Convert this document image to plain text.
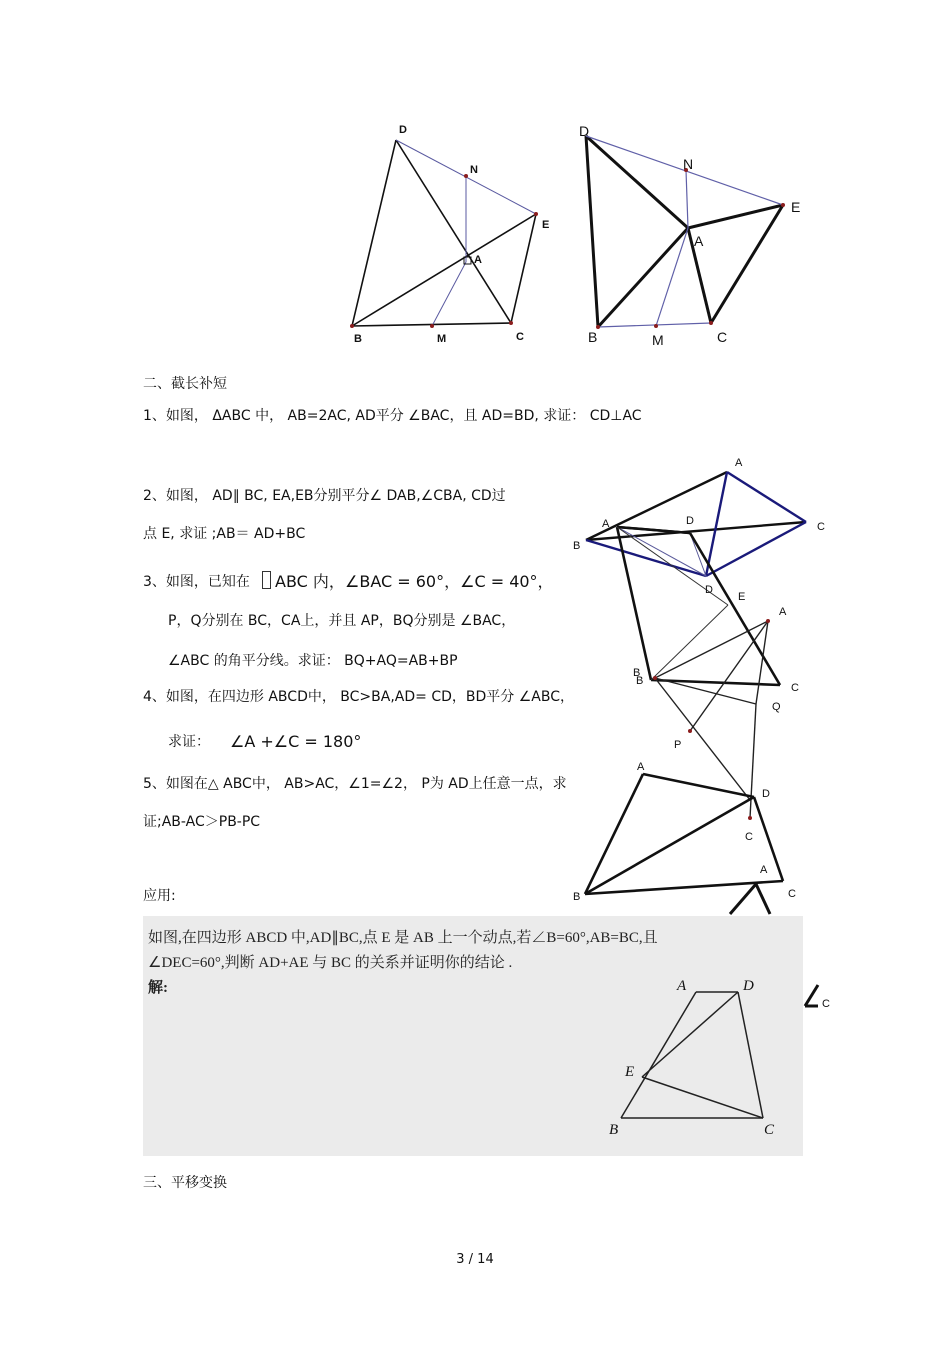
D
N
E
A
B	M	C
D
N
E
A
B	M	C
A
A	D	C
B
D
E
A
B
B
C
Q
P
A
D
C
B
A
C
C
二、截长补短
1、如图， ΔABC 中， AB=2AC, AD平分 ∠BAC，且 AD=BD, 求证： CD⊥AC
2、如图， AD∥ BC, EA,EB分别平分∠ DAB,∠CBA, CD过
点 E, 求证 ;AB＝ AD+BC
3、如图，已知在 ABC 内， ∠BAC = 60°，∠C = 40°，
P，Q分别在 BC，CA上，并且 AP，BQ分别是 ∠BAC，
∠ABC 的角平分线。求证： BQ+AQ=AB+BP
4、如图，在四边形 ABCD中， BC>BA,AD= CD，BD平分 ∠ABC，
求证： ∠A +∠C = 180°
5、如图在△ ABC中， AB>AC，∠1=∠2， P为 AD上任意一点，求
证;AB-AC＞PB-PC
应用:
如图,在四边形 ABCD 中,AD∥BC,点 E 是 AB 上一个动点,若∠B=60°,AB=BC,且
∠DEC=60°,判断 AD+AE 与 BC 的关系并证明你的结论 .
解:	A	D
E
B	C
三、平移变换
3 / 14
